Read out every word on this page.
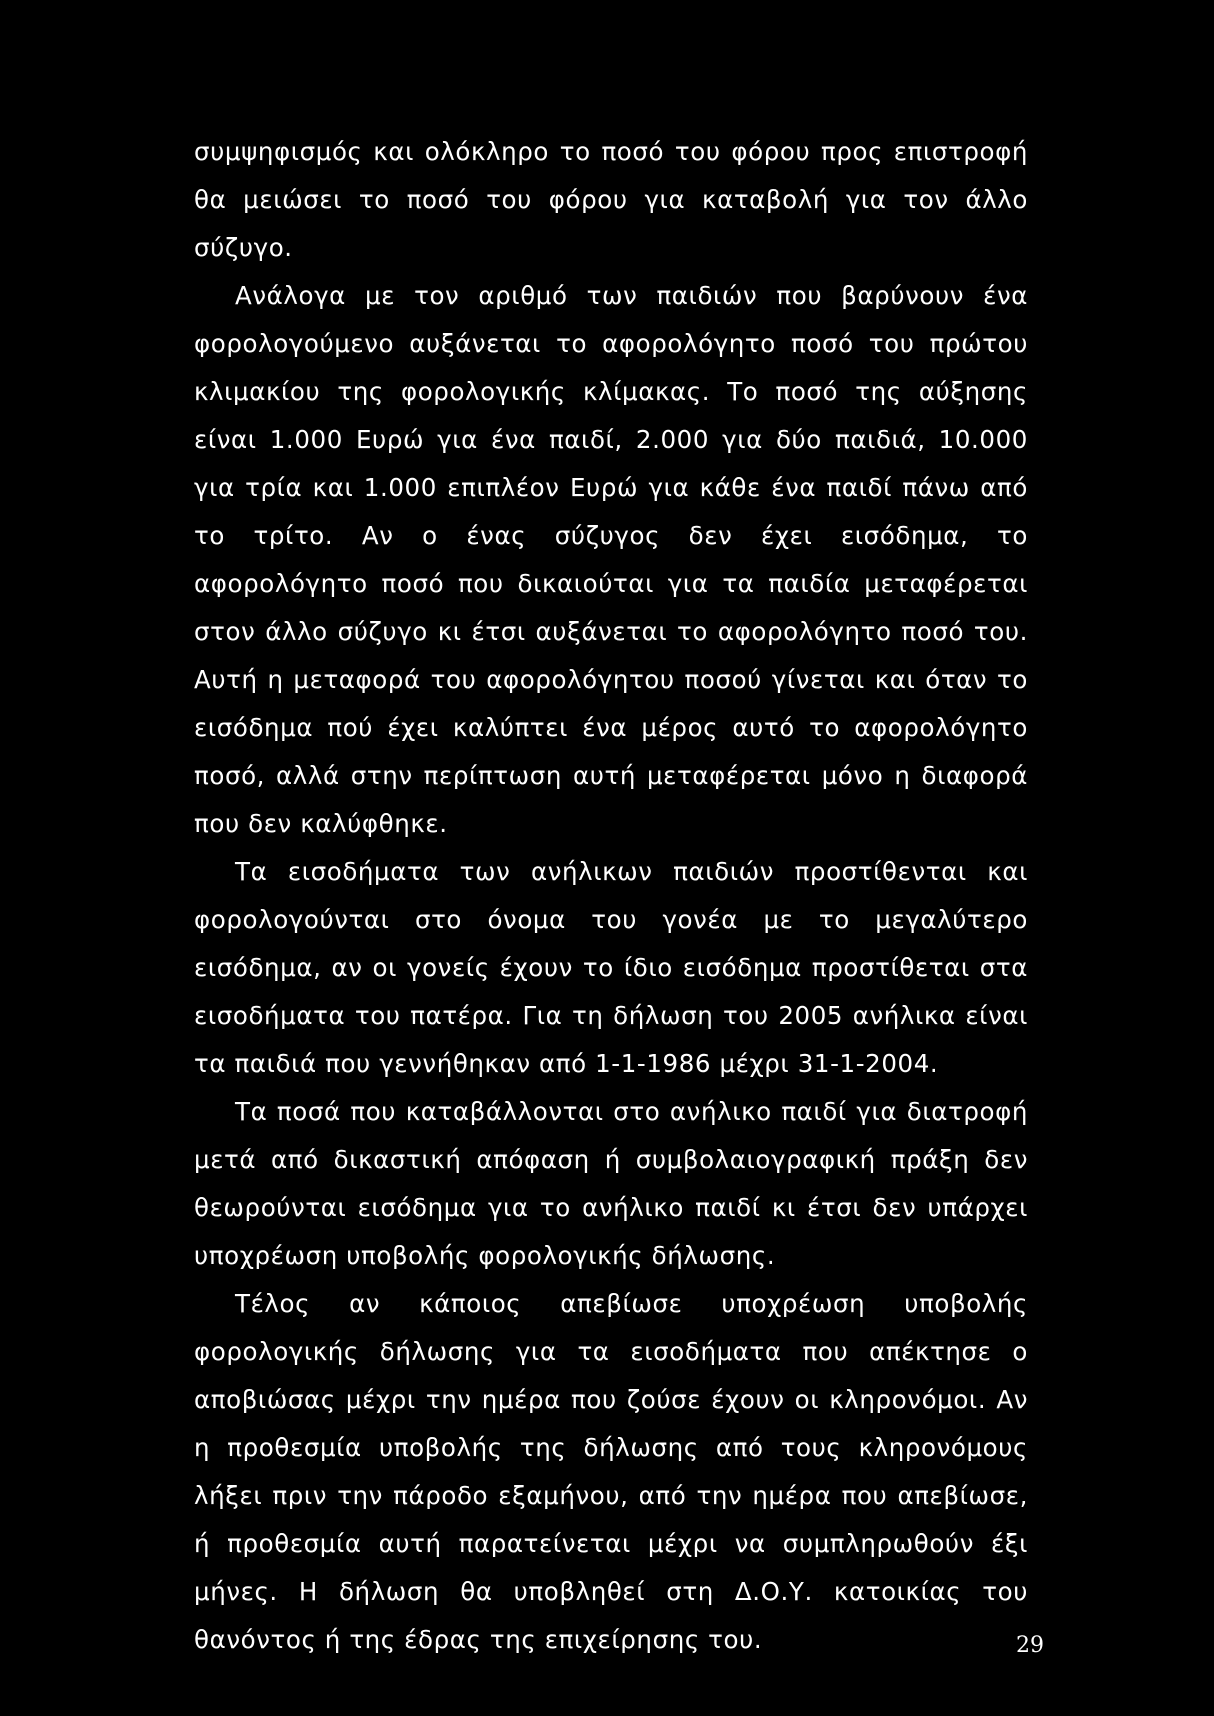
συμψηφισμός και ολόκληρο το ποσό του φόρου προς επιστροφή θα μειώσει το ποσό του φόρου για καταβολή για τον άλλο σύζυγο.

Ανάλογα με τον αριθμό των παιδιών που βαρύνουν ένα φορολογούμενο αυξάνεται το αφορολόγητο ποσό του πρώτου κλιμακίου της φορολογικής κλίμακας. Το ποσό της αύξησης είναι 1.000 Ευρώ για ένα παιδί, 2.000 για δύο παιδιά, 10.000 για τρία και 1.000 επιπλέον Ευρώ για κάθε ένα παιδί πάνω από το τρίτο. Αν ο ένας σύζυγος δεν έχει εισόδημα, το αφορολόγητο ποσό που δικαιούται για τα παιδία μεταφέρεται στον άλλο σύζυγο κι έτσι αυξάνεται το αφορολόγητο ποσό του. Αυτή η μεταφορά του αφορολόγητου ποσού γίνεται και όταν το εισόδημα πού έχει καλύπτει ένα μέρος αυτό το αφορολόγητο ποσό, αλλά στην περίπτωση αυτή μεταφέρεται μόνο η διαφορά που δεν καλύφθηκε.

Τα εισοδήματα των ανήλικων παιδιών προστίθενται και φορολογούνται στο όνομα του γονέα με το μεγαλύτερο εισόδημα, αν οι γονείς έχουν το ίδιο εισόδημα προστίθεται στα εισοδήματα του πατέρα. Για τη δήλωση του 2005 ανήλικα είναι τα παιδιά που γεννήθηκαν από 1-1-1986 μέχρι 31-1-2004.

Τα ποσά που καταβάλλονται στο ανήλικο παιδί για διατροφή μετά από δικαστική απόφαση ή συμβολαιογραφική πράξη δεν θεωρούνται εισόδημα για το ανήλικο παιδί κι έτσι δεν υπάρχει υποχρέωση υποβολής φορολογικής δήλωσης.

Τέλος αν κάποιος απεβίωσε υποχρέωση υποβολής φορολογικής δήλωσης για τα εισοδήματα που απέκτησε ο αποβιώσας μέχρι την ημέρα που ζούσε έχουν οι κληρονόμοι. Αν η προθεσμία υποβολής της δήλωσης από τους κληρονόμους λήξει πριν την πάροδο εξαμήνου, από την ημέρα που απεβίωσε, ή προθεσμία αυτή παρατείνεται μέχρι να συμπληρωθούν έξι μήνες. Η δήλωση θα υποβληθεί στη Δ.Ο.Υ. κατοικίας του θανόντος ή της έδρας της επιχείρησης του.	29
